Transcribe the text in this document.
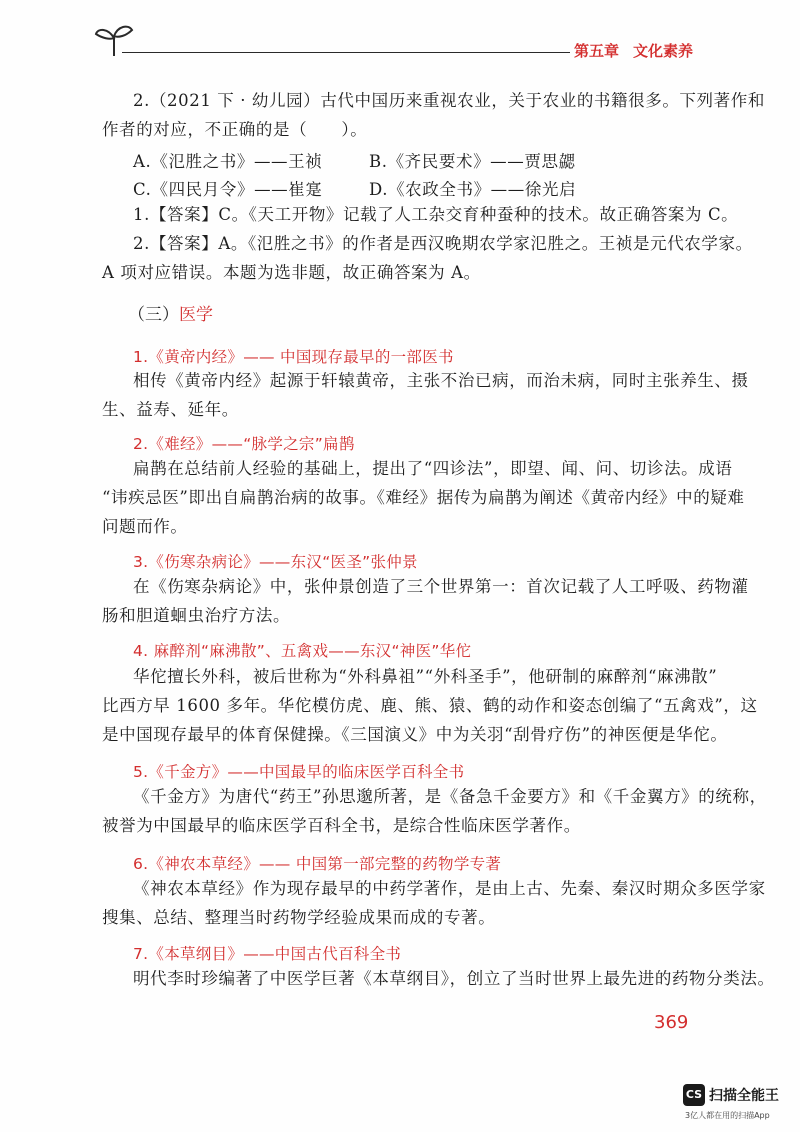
第五章 文化素养
2.（2021 下 · 幼儿园）古代中国历来重视农业，关于农业的书籍很多。下列著作和
作者的对应，不正确的是（　　）。
A.《氾胜之书》——王祯	B.《齐民要术》——贾思勰
C.《四民月令》——崔寔	D.《农政全书》——徐光启
1.【答案】C。《天工开物》记载了人工杂交育种蚕种的技术。故正确答案为 C。
2.【答案】A。《氾胜之书》的作者是西汉晚期农学家氾胜之。王祯是元代农学家。
A 项对应错误。本题为选非题，故正确答案为 A。
（三）医学
1.《黄帝内经》—— 中国现存最早的一部医书
相传《黄帝内经》起源于轩辕黄帝，主张不治已病，而治未病，同时主张养生、摄
生、益寿、延年。
2.《难经》——“脉学之宗”扁鹊
扁鹊在总结前人经验的基础上，提出了“四诊法”，即望、闻、问、切诊法。成语
“讳疾忌医”即出自扁鹊治病的故事。《难经》据传为扁鹊为阐述《黄帝内经》中的疑难
问题而作。
3.《伤寒杂病论》——东汉“医圣”张仲景
在《伤寒杂病论》中，张仲景创造了三个世界第一：首次记载了人工呼吸、药物灌
肠和胆道蛔虫治疗方法。
4. 麻醉剂“麻沸散”、五禽戏——东汉“神医”华佗
华佗擅长外科，被后世称为“外科鼻祖”“外科圣手”，他研制的麻醉剂“麻沸散”
比西方早 1600 多年。华佗模仿虎、鹿、熊、猿、鹤的动作和姿态创编了“五禽戏”，这
是中国现存最早的体育保健操。《三国演义》中为关羽“刮骨疗伤”的神医便是华佗。
5.《千金方》——中国最早的临床医学百科全书
《千金方》为唐代“药王”孙思邈所著，是《备急千金要方》和《千金翼方》的统称，
被誉为中国最早的临床医学百科全书，是综合性临床医学著作。
6.《神农本草经》—— 中国第一部完整的药物学专著
《神农本草经》作为现存最早的中药学著作，是由上古、先秦、秦汉时期众多医学家
搜集、总结、整理当时药物学经验成果而成的专著。
7.《本草纲目》——中国古代百科全书
明代李时珍编著了中医学巨著《本草纲目》，创立了当时世界上最先进的药物分类法。
369
CS 扫描全能王
3亿人都在用的扫描App
